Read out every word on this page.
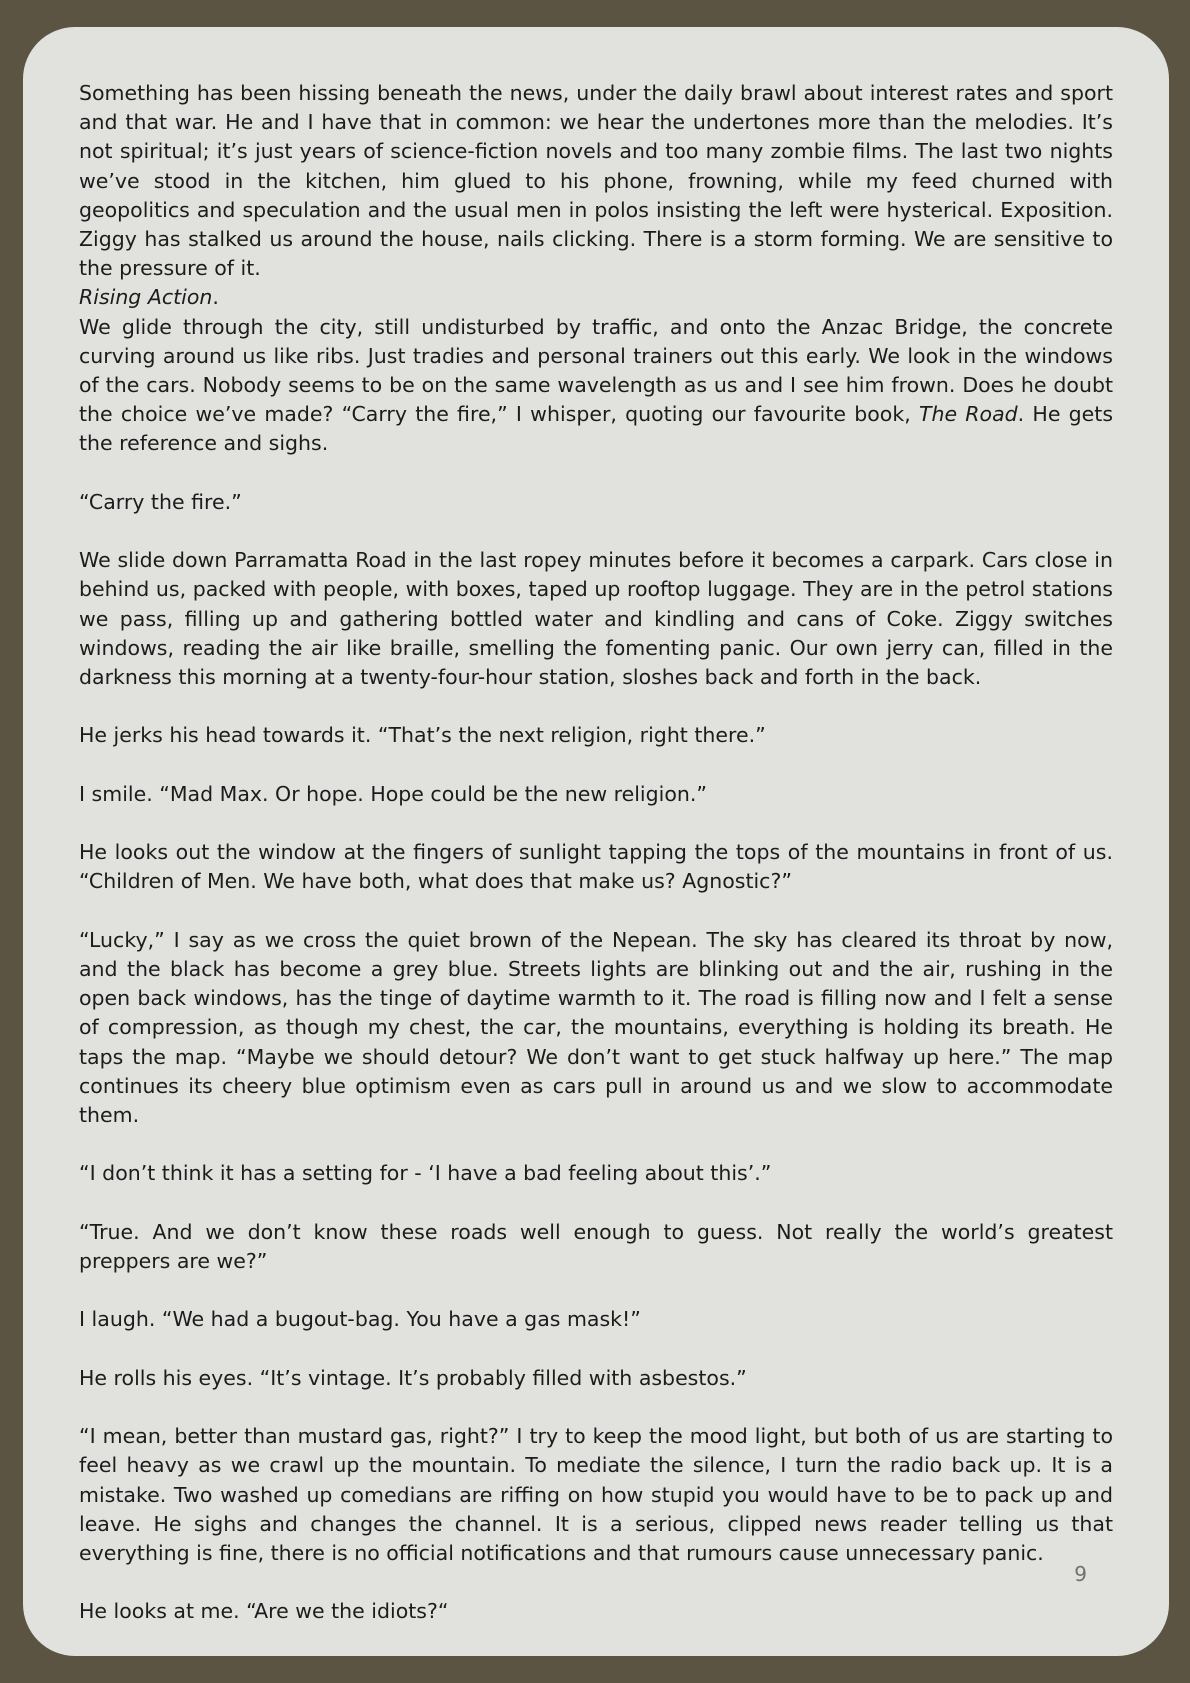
Something has been hissing beneath the news, under the daily brawl about interest rates and sport and that war. He and I have that in common: we hear the undertones more than the melodies. It’s not spiritual; it’s just years of science-fiction novels and too many zombie films. The last two nights we’ve stood in the kitchen, him glued to his phone, frowning, while my feed churned with geopolitics and speculation and the usual men in polos insisting the left were hysterical. Exposition. Ziggy has stalked us around the house, nails clicking. There is a storm forming. We are sensitive to the pressure of it.
Rising Action.

We glide through the city, still undisturbed by traffic, and onto the Anzac Bridge, the concrete curving around us like ribs. Just tradies and personal trainers out this early. We look in the windows of the cars. Nobody seems to be on the same wavelength as us and I see him frown. Does he doubt the choice we’ve made? “Carry the fire,” I whisper, quoting our favourite book, The Road. He gets the reference and sighs.

“Carry the fire.”

We slide down Parramatta Road in the last ropey minutes before it becomes a carpark. Cars close in behind us, packed with people, with boxes, taped up rooftop luggage. They are in the petrol stations we pass, filling up and gathering bottled water and kindling and cans of Coke. Ziggy switches windows, reading the air like braille, smelling the fomenting panic. Our own jerry can, filled in the darkness this morning at a twenty-four-hour station, sloshes back and forth in the back.

He jerks his head towards it. “That’s the next religion, right there.”

I smile. “Mad Max. Or hope. Hope could be the new religion.”

He looks out the window at the fingers of sunlight tapping the tops of the mountains in front of us. “Children of Men. We have both, what does that make us? Agnostic?”

“Lucky,” I say as we cross the quiet brown of the Nepean. The sky has cleared its throat by now, and the black has become a grey blue. Streets lights are blinking out and the air, rushing in the open back windows, has the tinge of daytime warmth to it. The road is filling now and I felt a sense of compression, as though my chest, the car, the mountains, everything is holding its breath. He taps the map. “Maybe we should detour? We don’t want to get stuck halfway up here.” The map continues its cheery blue optimism even as cars pull in around us and we slow to accommodate them.

“I don’t think it has a setting for - ‘I have a bad feeling about this’.”

“True. And we don’t know these roads well enough to guess. Not really the world’s greatest preppers are we?”

I laugh. “We had a bugout-bag. You have a gas mask!”

He rolls his eyes. “It’s vintage. It’s probably filled with asbestos.”

“I mean, better than mustard gas, right?” I try to keep the mood light, but both of us are starting to feel heavy as we crawl up the mountain. To mediate the silence, I turn the radio back up. It is a mistake. Two washed up comedians are riffing on how stupid you would have to be to pack up and leave. He sighs and changes the channel. It is a serious, clipped news reader telling us that everything is fine, there is no official notifications and that rumours cause unnecessary panic.

He looks at me. “Are we the idiots?“

9
